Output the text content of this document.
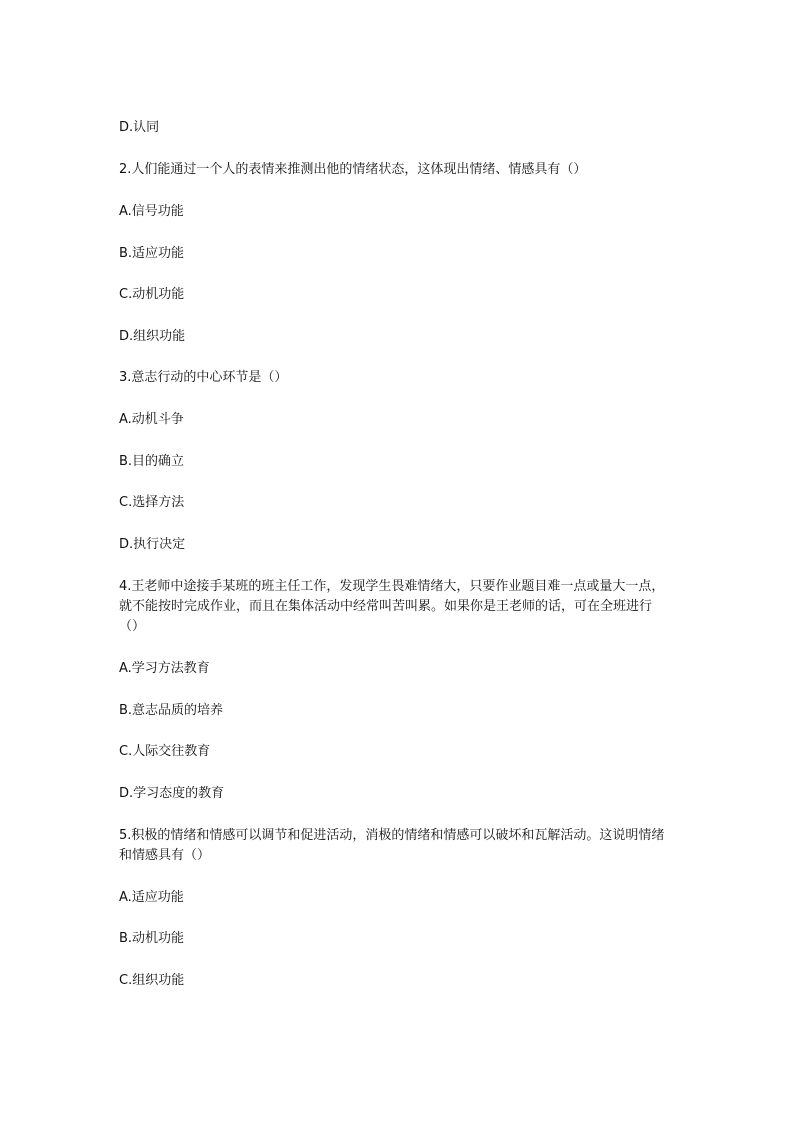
D.认同

2.人们能通过一个人的表情来推测出他的情绪状态，这体现出情绪、情感具有（）

A.信号功能

B.适应功能

C.动机功能

D.组织功能

3.意志行动的中心环节是（）

A.动机斗争

B.目的确立

C.选择方法

D.执行决定

4.王老师中途接手某班的班主任工作，发现学生畏难情绪大，只要作业题目难一点或量大一点，就不能按时完成作业，而且在集体活动中经常叫苦叫累。如果你是王老师的话，可在全班进行（）

A.学习方法教育

B.意志品质的培养

C.人际交往教育

D.学习态度的教育

5.积极的情绪和情感可以调节和促进活动，消极的情绪和情感可以破坏和瓦解活动。这说明情绪和情感具有（）

A.适应功能

B.动机功能

C.组织功能
